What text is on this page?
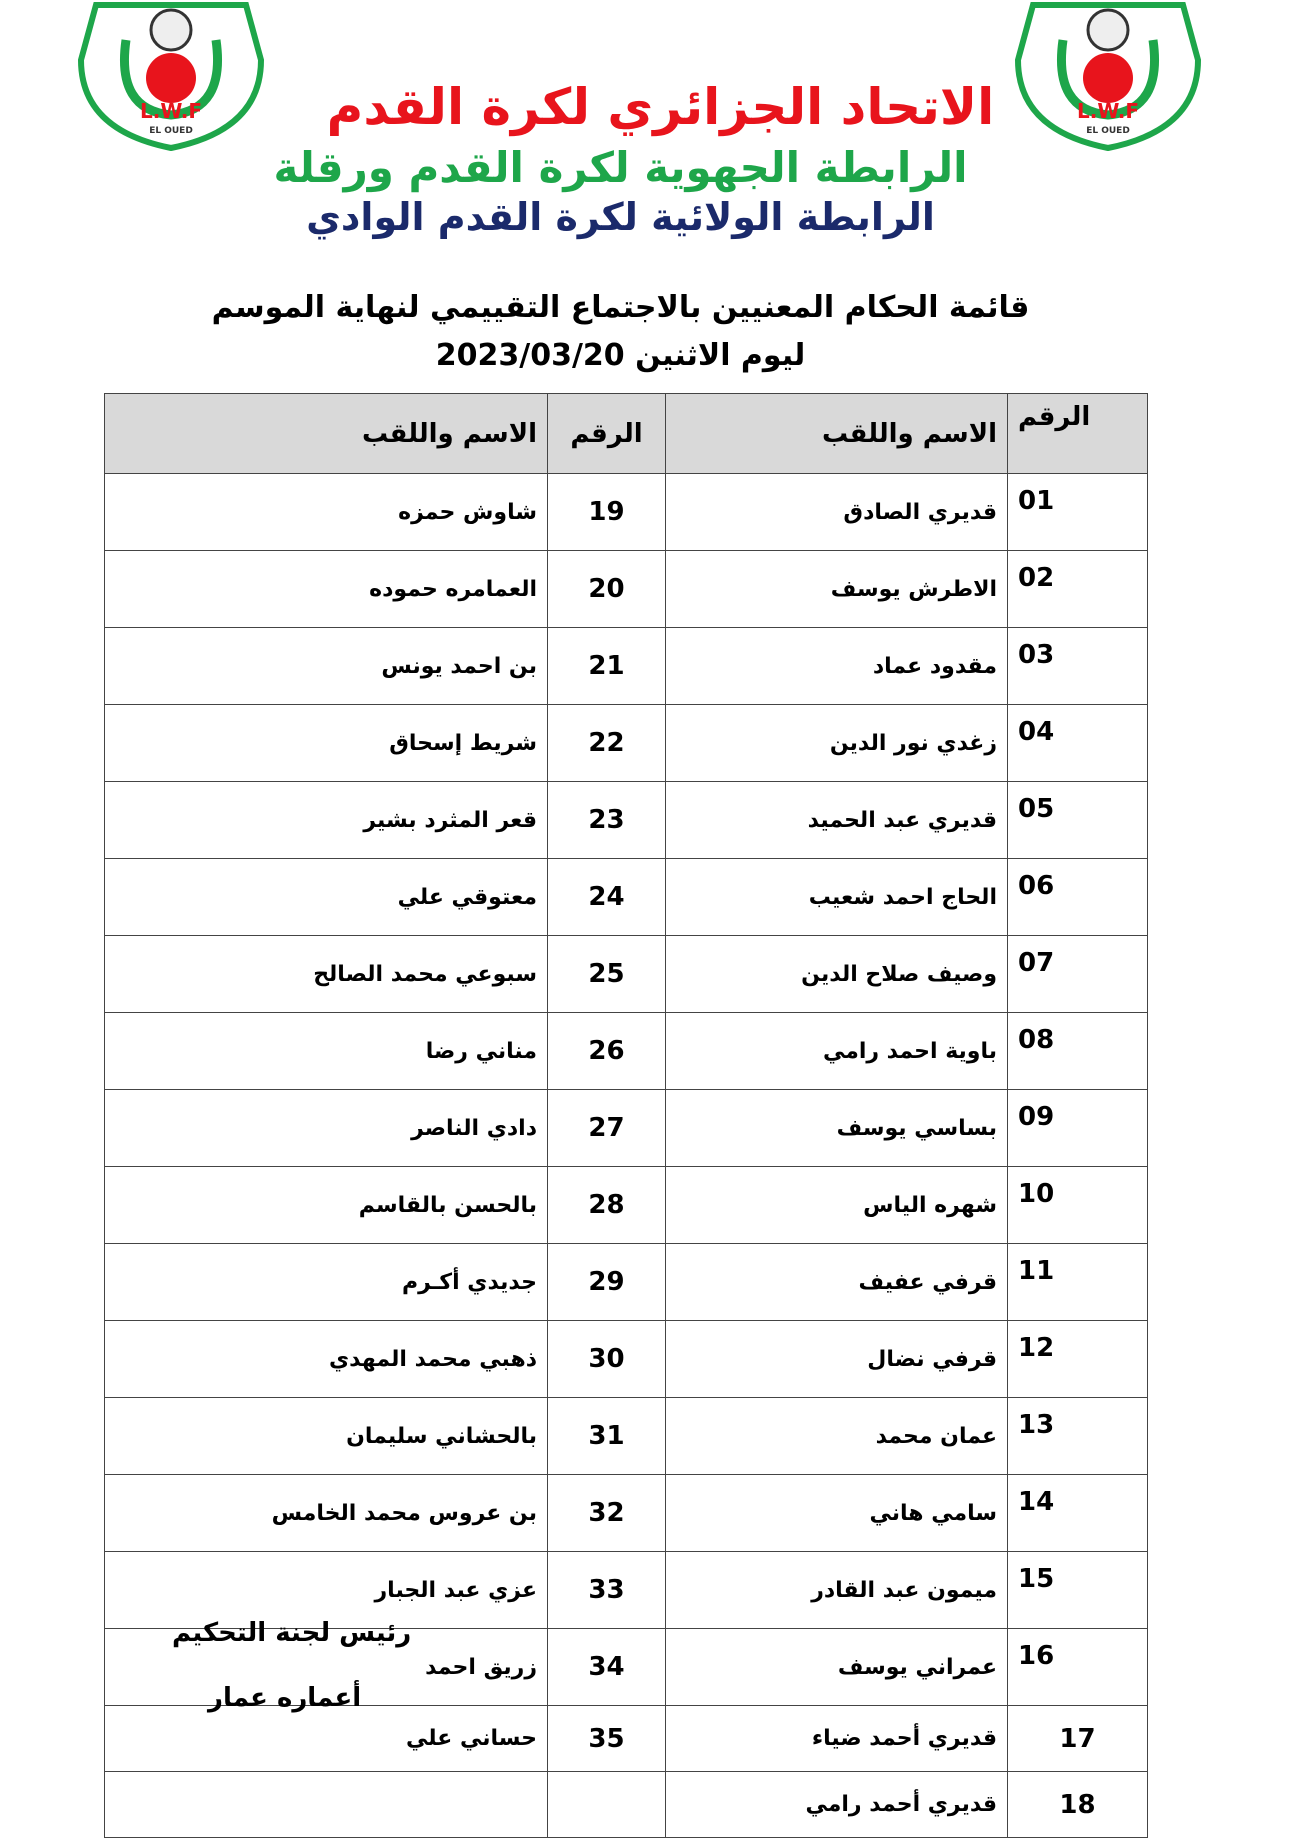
L.W.F
EL OUED
L.W.F
EL OUED
الاتحاد الجزائري لكرة القدم
الرابطة الجهوية لكرة القدم ورقلة
الرابطة الولائية لكرة القدم الوادي
قائمة الحكام المعنيين بالاجتماع التقييمي لنهاية الموسم
ليوم الاثنين 2023/03/20
الرقم	الاسم واللقب	الرقم	الاسم واللقب
01	قديري الصادق	19	شاوش حمزه
02	الاطرش يوسف	20	العمامره حموده
03	مقدود عماد	21	بن احمد يونس
04	زغدي نور الدين	22	شريط إسحاق
05	قديري عبد الحميد	23	قعر المثرد بشير
06	الحاج احمد شعيب	24	معتوقي علي
07	وصيف صلاح الدين	25	سبوعي محمد الصالح
08	باوية احمد رامي	26	مناني رضا
09	بساسي يوسف	27	دادي الناصر
10	شهره الياس	28	بالحسن بالقاسم
11	قرفي عفيف	29	جديدي أكـرم
12	قرفي نضال	30	ذهبي محمد المهدي
13	عمان محمد	31	بالحشاني سليمان
14	سامي هاني	32	بن عروس محمد الخامس
15	ميمون عبد القادر	33	عزي عبد الجبار
16	عمراني يوسف	34	زريق احمد
17	قديري أحمد ضياء	35	حساني علي
18	قديري أحمد رامي		
رئيس لجنة التحكيم
أعماره عمار
